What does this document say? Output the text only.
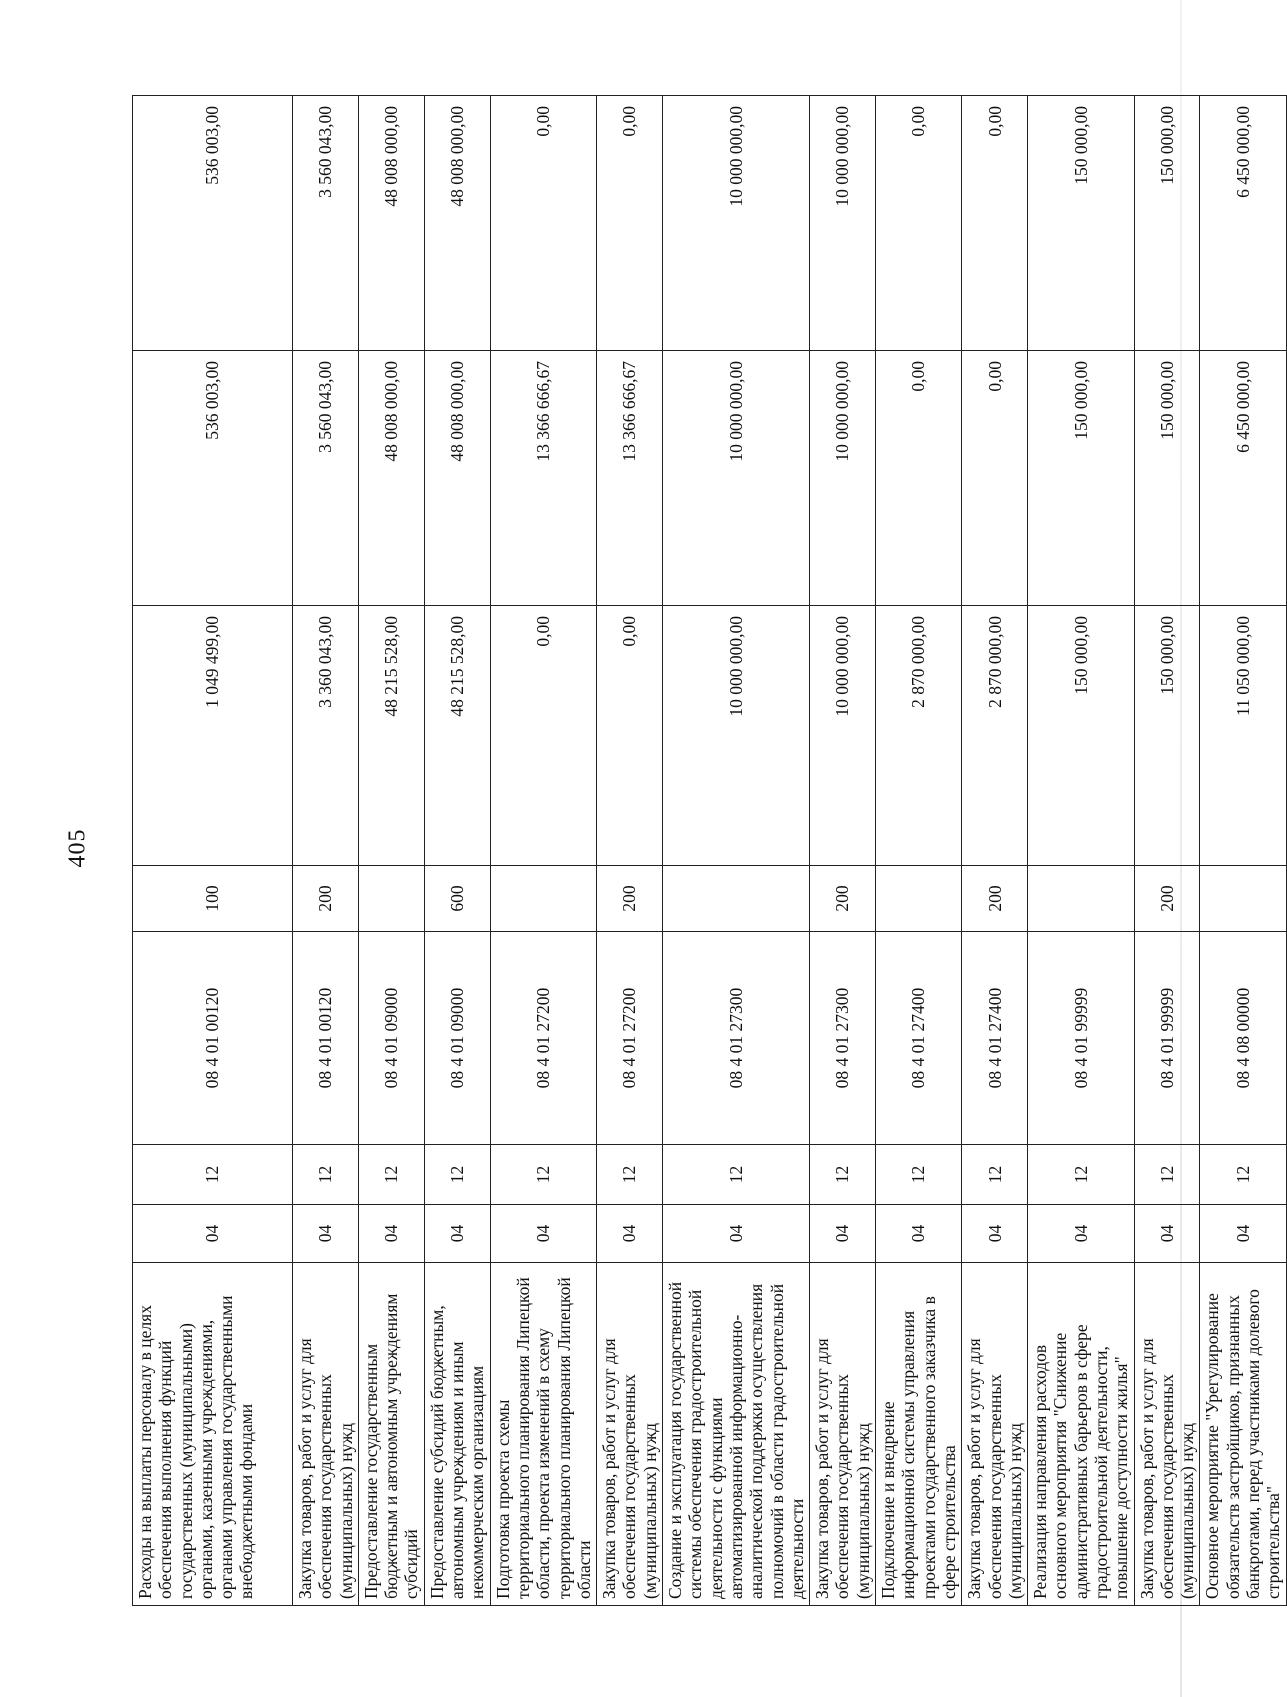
405
Расходы на выплаты персоналу в целях обеспечения выполнения функций государственных (муниципальными) органами, казенными учреждениями, органами управления государственными внебюджетными фондами	04	12	08 4 01 00120	100	1 049 499,00	536 003,00	536 003,00
Закупка товаров, работ и услуг для обеспечения государственных (муниципальных) нужд	04	12	08 4 01 00120	200	3 360 043,00	3 560 043,00	3 560 043,00
Предоставление государственным бюджетным и автономным учреждениям субсидий	04	12	08 4 01 09000		48 215 528,00	48 008 000,00	48 008 000,00
Предоставление субсидий бюджетным, автономным учреждениям и иным некоммерческим организациям	04	12	08 4 01 09000	600	48 215 528,00	48 008 000,00	48 008 000,00
Подготовка проекта схемы территориального планирования Липецкой области, проекта изменений в схему территориального планирования Липецкой области	04	12	08 4 01 27200		0,00	13 366 666,67	0,00
Закупка товаров, работ и услуг для обеспечения государственных (муниципальных) нужд	04	12	08 4 01 27200	200	0,00	13 366 666,67	0,00
Создание и эксплуатация государственной системы обеспечения градостроительной деятельности с функциями автоматизированной информационно-аналитической поддержки осуществления полномочий в области градостроительной деятельности	04	12	08 4 01 27300		10 000 000,00	10 000 000,00	10 000 000,00
Закупка товаров, работ и услуг для обеспечения государственных (муниципальных) нужд	04	12	08 4 01 27300	200	10 000 000,00	10 000 000,00	10 000 000,00
Подключение и внедрение информационной системы управления проектами государственного заказчика в сфере строительства	04	12	08 4 01 27400		2 870 000,00	0,00	0,00
Закупка товаров, работ и услуг для обеспечения государственных (муниципальных) нужд	04	12	08 4 01 27400	200	2 870 000,00	0,00	0,00
Реализация направления расходов основного мероприятия "Снижение административных барьеров в сфере градостроительной деятельности, повышение доступности жилья"	04	12	08 4 01 99999		150 000,00	150 000,00	150 000,00
Закупка товаров, работ и услуг для обеспечения государственных (муниципальных) нужд	04	12	08 4 01 99999	200	150 000,00	150 000,00	150 000,00
Основное мероприятие "Урегулирование обязательств застройщиков, признанных банкротами, перед участниками долевого строительства"	04	12	08 4 08 00000		11 050 000,00	6 450 000,00	6 450 000,00
